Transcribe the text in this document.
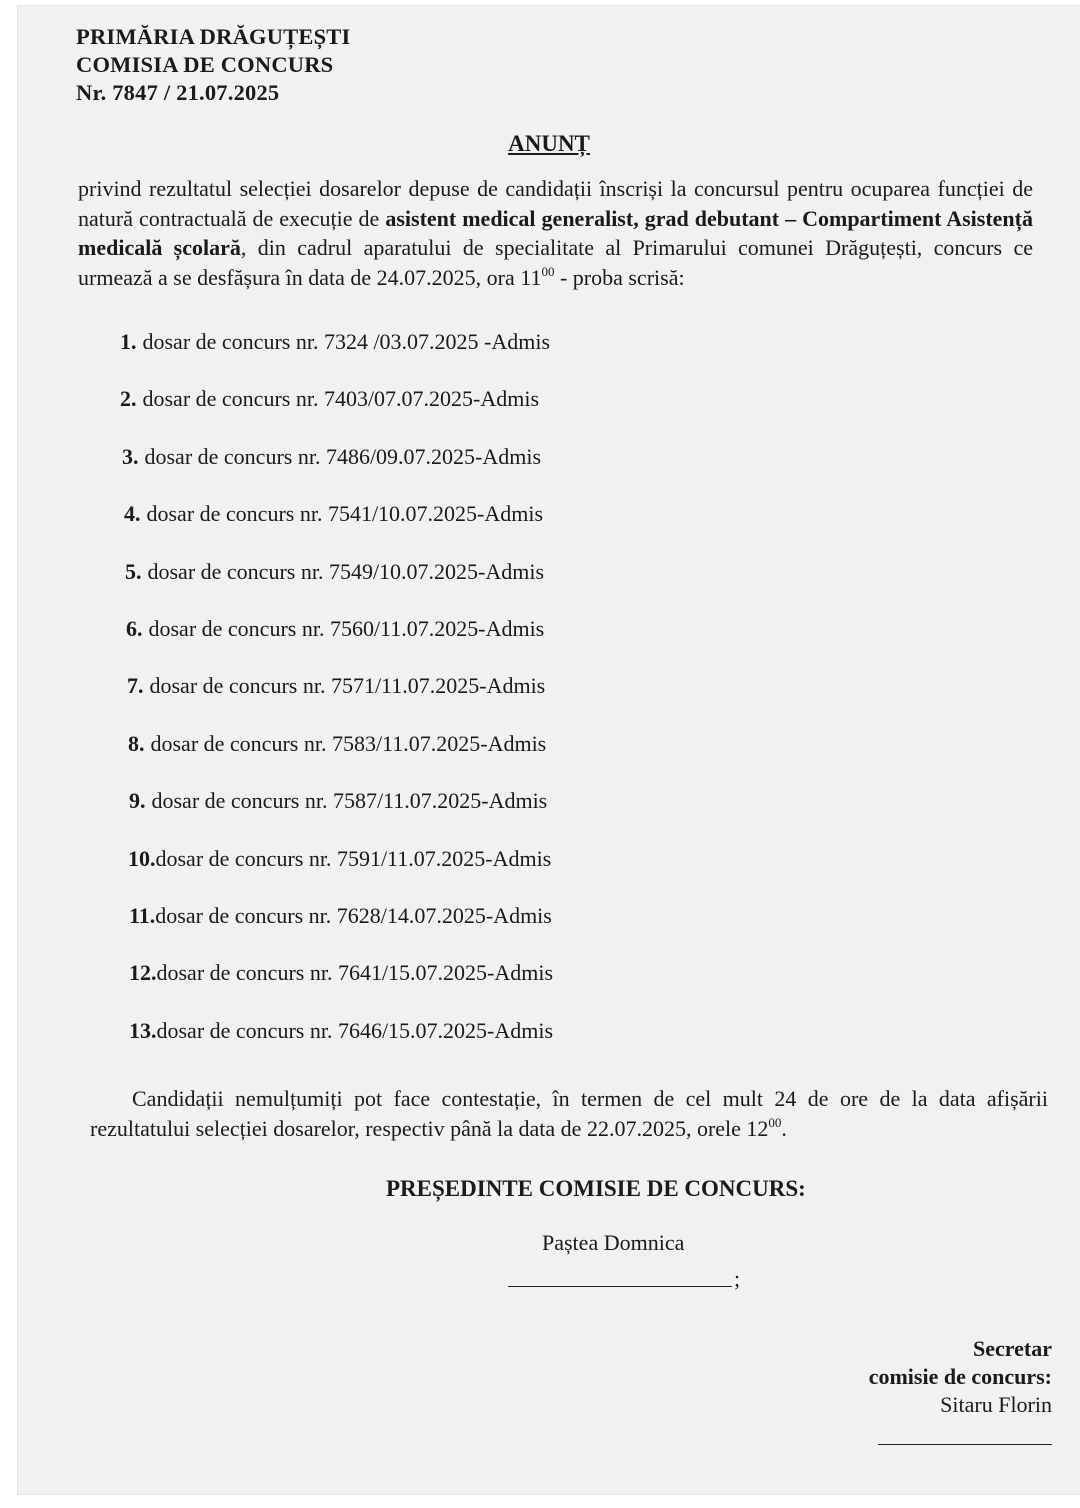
PRIMĂRIA DRĂGUȚEȘTI
COMISIA DE CONCURS
Nr. 7847 / 21.07.2025
ANUNȚ
privind rezultatul selecției dosarelor depuse de candidații înscriși la concursul pentru ocuparea funcției de natură contractuală de execuție de asistent medical generalist, grad debutant – Compartiment Asistență medicală școlară, din cadrul aparatului de specialitate al Primarului comunei Drăguțești, concurs ce urmează a se desfășura în data de 24.07.2025, ora $11^{00}$ - proba scrisă:
1. dosar de concurs nr. 7324 /03.07.2025 -Admis
2. dosar de concurs nr. 7403/07.07.2025-Admis
3. dosar de concurs nr. 7486/09.07.2025-Admis
4. dosar de concurs nr. 7541/10.07.2025-Admis
5. dosar de concurs nr. 7549/10.07.2025-Admis
6. dosar de concurs nr. 7560/11.07.2025-Admis
7. dosar de concurs nr. 7571/11.07.2025-Admis
8. dosar de concurs nr. 7583/11.07.2025-Admis
9. dosar de concurs nr. 7587/11.07.2025-Admis
10.dosar de concurs nr. 7591/11.07.2025-Admis
11.dosar de concurs nr. 7628/14.07.2025-Admis
12.dosar de concurs nr. 7641/15.07.2025-Admis
13.dosar de concurs nr. 7646/15.07.2025-Admis
Candidații nemulțumiți pot face contestație, în termen de cel mult 24 de ore de la data afișării rezultatului selecției dosarelor, respectiv până la data de 22.07.2025, orele $12^{00}$.
PREȘEDINTE COMISIE DE CONCURS:
Paștea Domnica
;
Secretar
comisie de concurs:
Sitaru Florin
